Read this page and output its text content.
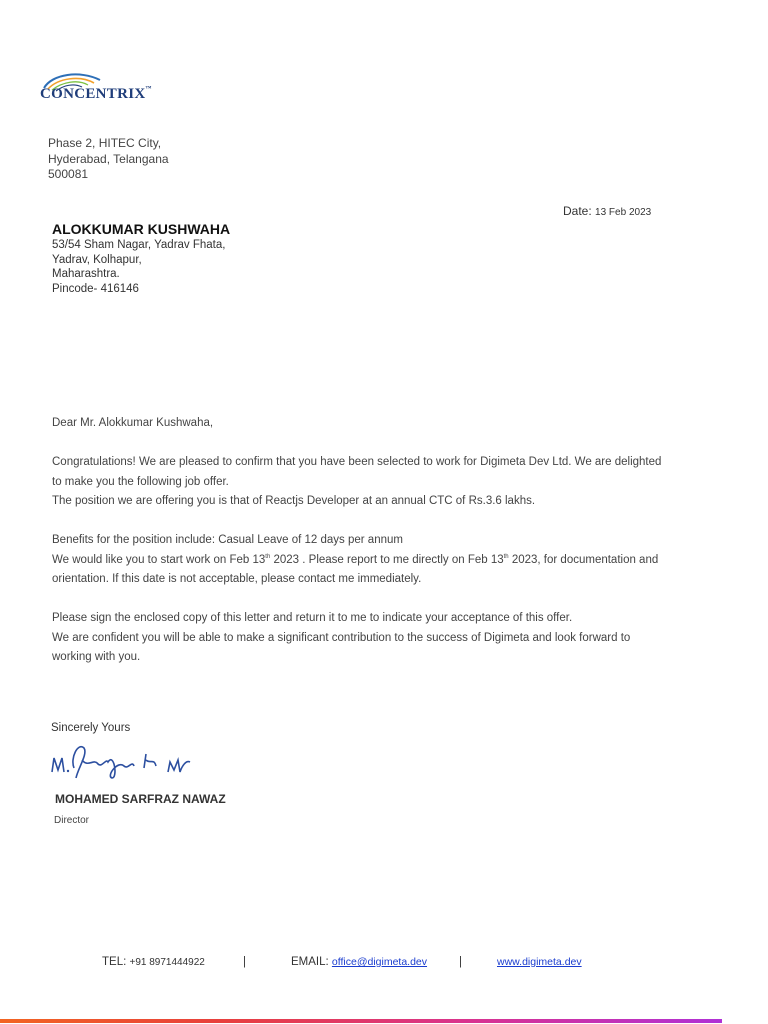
CONCENTRIX™
Phase 2, HITEC City,
Hyderabad, Telangana
500081
Date: 13 Feb 2023
ALOKKUMAR KUSHWAHA
53/54 Sham Nagar, Yadrav Fhata,
Yadrav, Kolhapur,
Maharashtra.
Pincode- 416146

Dear Mr. Alokkumar Kushwaha,

Congratulations! We are pleased to confirm that you have been selected to work for Digimeta Dev Ltd. We are delighted to make you the following job offer.

The position we are offering you is that of Reactjs Developer at an annual CTC of Rs.3.6 lakhs.

Benefits for the position include: Casual Leave of 12 days per annum

We would like you to start work on Feb 13th 2023 . Please report to me directly on Feb 13th 2023, for documentation and orientation. If this date is not acceptable, please contact me immediately.

Please sign the enclosed copy of this letter and return it to me to indicate your acceptance of this offer.

We are confident you will be able to make a significant contribution to the success of Digimeta and look forward to working with you.

Sincerely Yours
MOHAMED SARFRAZ NAWAZ
Director
TEL: +91 8971444922	|	EMAIL: office@digimeta.dev	|	www.digimeta.dev
